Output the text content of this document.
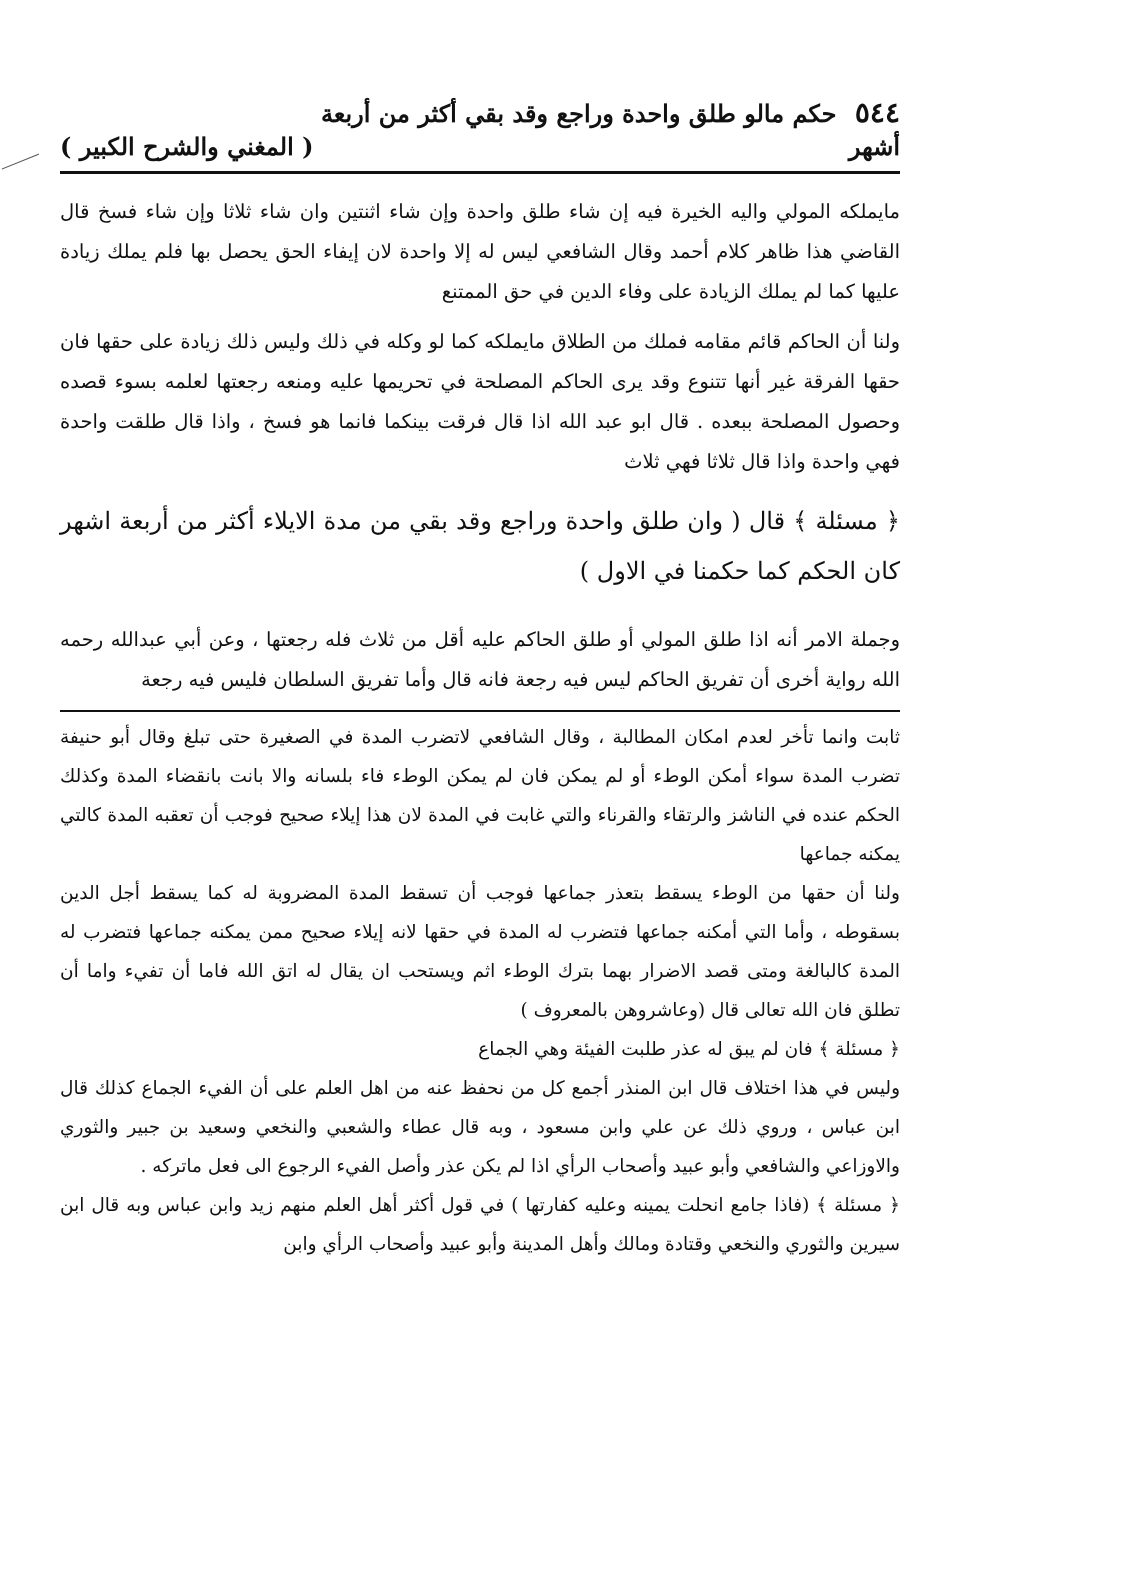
٥٤٤ حكم مالو طلق واحدة وراجع وقد بقي أكثر من أربعة أشهر
( المغني والشرح الكبير )

مايملكه المولي واليه الخيرة فيه إن شاء طلق واحدة وإن شاء اثنتين وان شاء ثلاثا وإن شاء فسخ قال القاضي هذا ظاهر كلام أحمد وقال الشافعي ليس له إلا واحدة لان إيفاء الحق يحصل بها فلم يملك زيادة عليها كما لم يملك الزيادة على وفاء الدين في حق الممتنع

ولنا أن الحاكم قائم مقامه فملك من الطلاق مايملكه كما لو وكله في ذلك وليس ذلك زيادة على حقها فان حقها الفرقة غير أنها تتنوع وقد يرى الحاكم المصلحة في تحريمها عليه ومنعه رجعتها لعلمه بسوء قصده وحصول المصلحة ببعده . قال ابو عبد الله اذا قال فرقت بينكما فانما هو فسخ ، واذا قال طلقت واحدة فهي واحدة واذا قال ثلاثا فهي ثلاث

﴿ مسئلة ﴾ قال ( وان طلق واحدة وراجع وقد بقي من مدة الايلاء أكثر من أربعة اشهر كان الحكم كما حكمنا في الاول )

وجملة الامر أنه اذا طلق المولي أو طلق الحاكم عليه أقل من ثلاث فله رجعتها ، وعن أبي عبدالله رحمه الله رواية أخرى أن تفريق الحاكم ليس فيه رجعة فانه قال وأما تفريق السلطان فليس فيه رجعة

ثابت وانما تأخر لعدم امكان المطالبة ، وقال الشافعي لاتضرب المدة في الصغيرة حتى تبلغ وقال أبو حنيفة تضرب المدة سواء أمكن الوطء أو لم يمكن فان لم يمكن الوطء فاء بلسانه والا بانت بانقضاء المدة وكذلك الحكم عنده في الناشز والرتقاء والقرناء والتي غابت في المدة لان هذا إيلاء صحيح فوجب أن تعقبه المدة كالتي يمكنه جماعها

ولنا أن حقها من الوطء يسقط بتعذر جماعها فوجب أن تسقط المدة المضروبة له كما يسقط أجل الدين بسقوطه ، وأما التي أمكنه جماعها فتضرب له المدة في حقها لانه إيلاء صحيح ممن يمكنه جماعها فتضرب له المدة كالبالغة ومتى قصد الاضرار بهما بترك الوطء اثم ويستحب ان يقال له اتق الله فاما أن تفيء واما أن تطلق فان الله تعالى قال (وعاشروهن بالمعروف )

﴿ مسئلة ﴾ فان لم يبق له عذر طلبت الفيئة وهي الجماع

وليس في هذا اختلاف قال ابن المنذر أجمع كل من نحفظ عنه من اهل العلم على أن الفيء الجماع كذلك قال ابن عباس ، وروي ذلك عن علي وابن مسعود ، وبه قال عطاء والشعبي والنخعي وسعيد بن جبير والثوري والاوزاعي والشافعي وأبو عبيد وأصحاب الرأي اذا لم يكن عذر وأصل الفيء الرجوع الى فعل ماتركه .

﴿ مسئلة ﴾ (فاذا جامع انحلت يمينه وعليه كفارتها ) في قول أكثر أهل العلم منهم زيد وابن عباس وبه قال ابن سيرين والثوري والنخعي وقتادة ومالك وأهل المدينة وأبو عبيد وأصحاب الرأي وابن
